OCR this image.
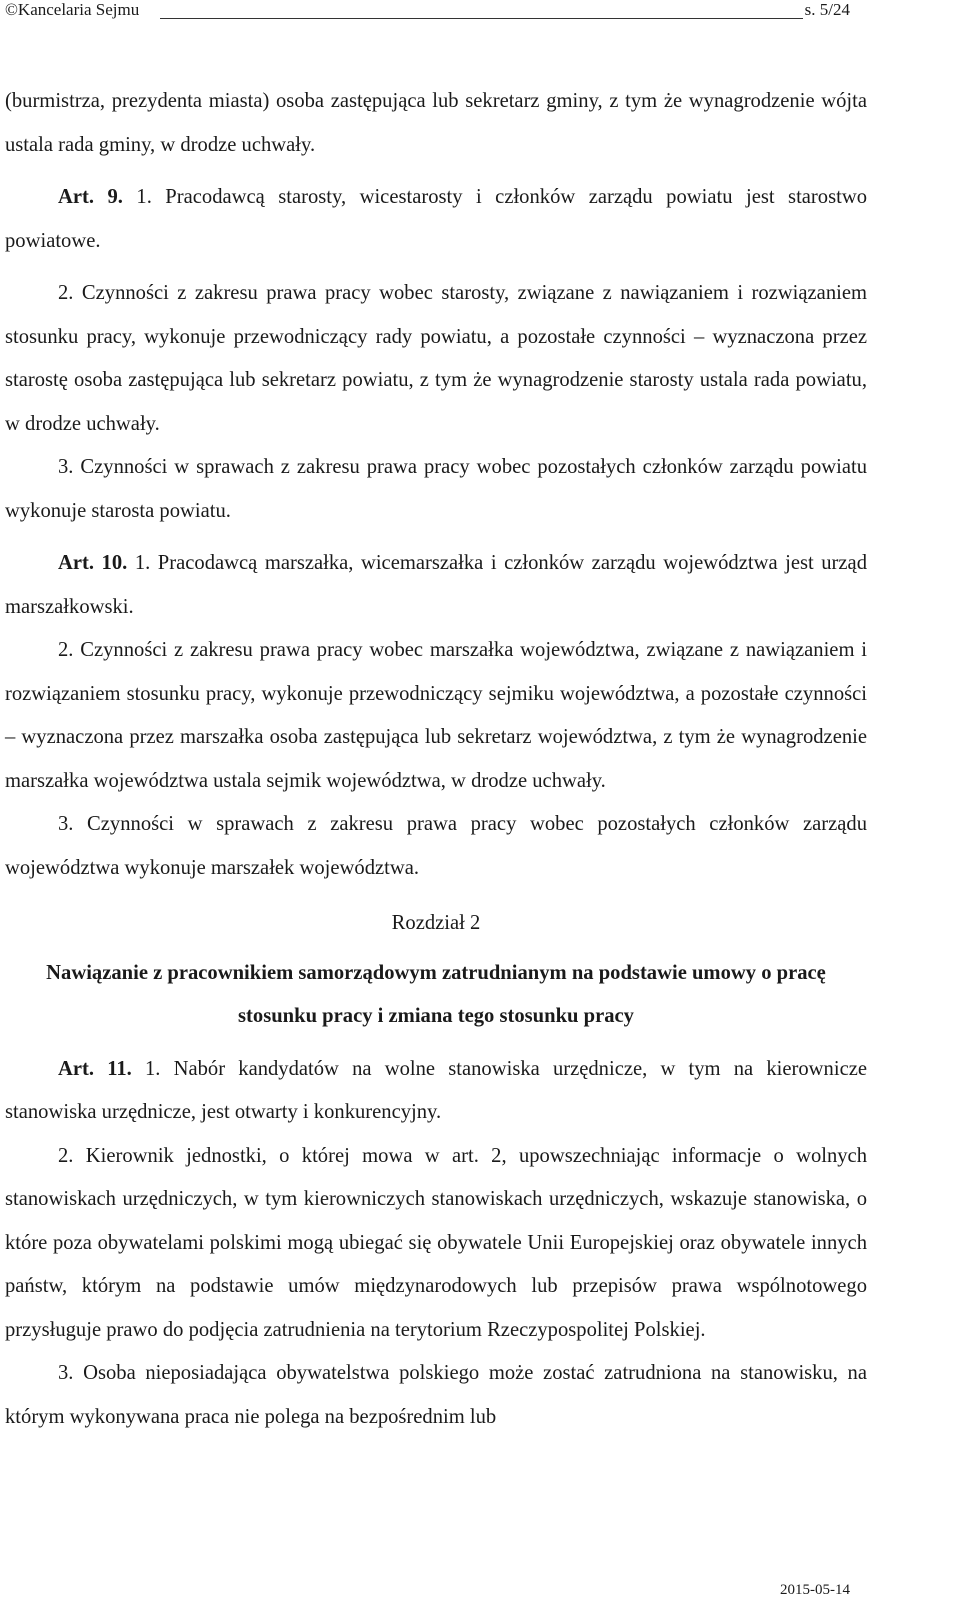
©Kancelaria Sejmu	s. 5/24

(burmistrza, prezydenta miasta) osoba zastępująca lub sekretarz gminy, z tym że wynagrodzenie wójta ustala rada gminy, w drodze uchwały.

Art. 9. 1. Pracodawcą starosty, wicestarosty i członków zarządu powiatu jest starostwo powiatowe.

2. Czynności z zakresu prawa pracy wobec starosty, związane z nawiązaniem i rozwiązaniem stosunku pracy, wykonuje przewodniczący rady powiatu, a pozostałe czynności – wyznaczona przez starostę osoba zastępująca lub sekretarz powiatu, z tym że wynagrodzenie starosty ustala rada powiatu, w drodze uchwały.

3. Czynności w sprawach z zakresu prawa pracy wobec pozostałych członków zarządu powiatu wykonuje starosta powiatu.

Art. 10. 1. Pracodawcą marszałka, wicemarszałka i członków zarządu województwa jest urząd marszałkowski.

2. Czynności z zakresu prawa pracy wobec marszałka województwa, związane z nawiązaniem i rozwiązaniem stosunku pracy, wykonuje przewodniczący sejmiku województwa, a pozostałe czynności – wyznaczona przez marszałka osoba zastępująca lub sekretarz województwa, z tym że wynagrodzenie marszałka województwa ustala sejmik województwa, w drodze uchwały.

3. Czynności w sprawach z zakresu prawa pracy wobec pozostałych członków zarządu województwa wykonuje marszałek województwa.

Rozdział 2

Nawiązanie z pracownikiem samorządowym zatrudnianym na podstawie umowy o pracę stosunku pracy i zmiana tego stosunku pracy

Art. 11. 1. Nabór kandydatów na wolne stanowiska urzędnicze, w tym na kierownicze stanowiska urzędnicze, jest otwarty i konkurencyjny.

2. Kierownik jednostki, o której mowa w art. 2, upowszechniając informacje o wolnych stanowiskach urzędniczych, w tym kierowniczych stanowiskach urzędniczych, wskazuje stanowiska, o które poza obywatelami polskimi mogą ubiegać się obywatele Unii Europejskiej oraz obywatele innych państw, którym na podstawie umów międzynarodowych lub przepisów prawa wspólnotowego przysługuje prawo do podjęcia zatrudnienia na terytorium Rzeczypospolitej Polskiej.

3. Osoba nieposiadająca obywatelstwa polskiego może zostać zatrudniona na stanowisku, na którym wykonywana praca nie polega na bezpośrednim lub

2015-05-14
